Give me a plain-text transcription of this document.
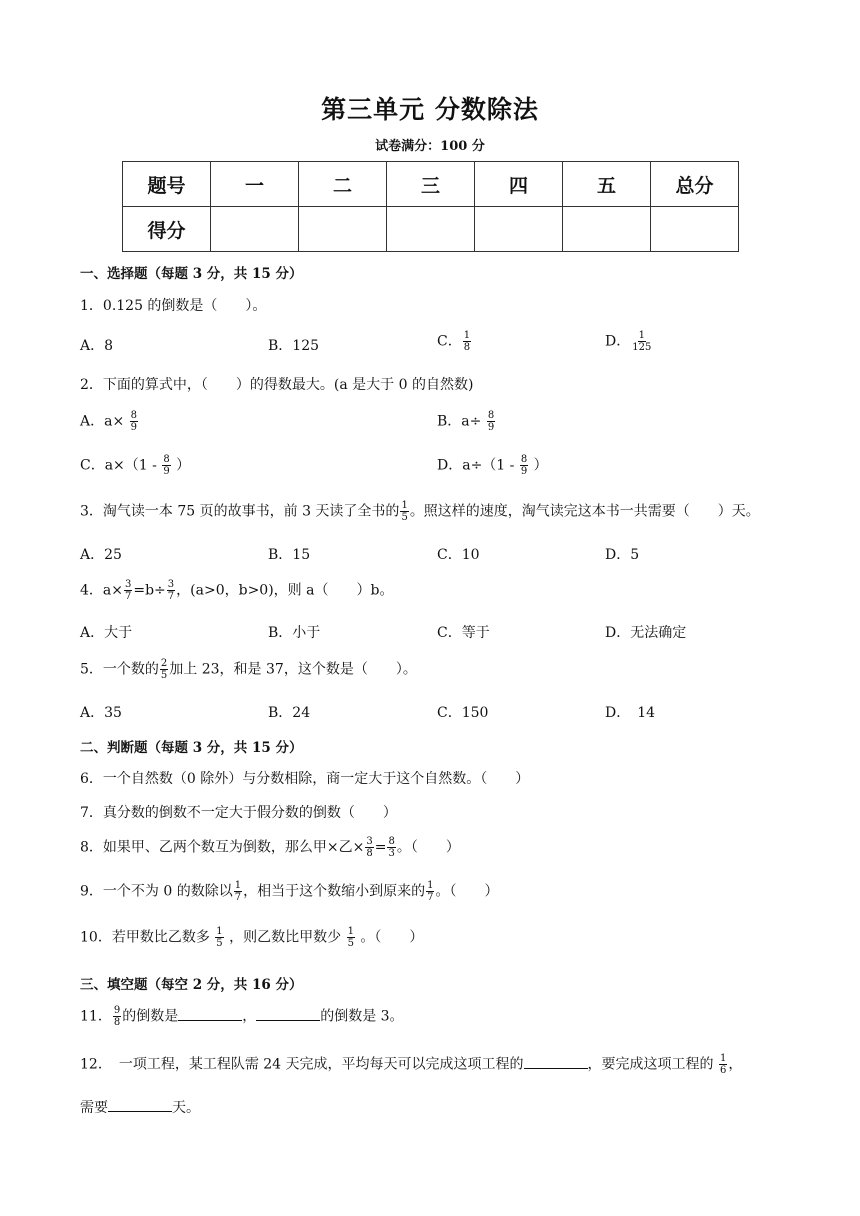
第三单元 分数除法
试卷满分：100 分
题号	一	二	三	四	五	总分
得分						
一、选择题（每题 3 分，共 15 分）
1．0.125 的倒数是（　　）。
A．8	B．125	C． $\frac{1}{8}$	D． $\frac{1}{125}$
2．下面的算式中，（　　）的得数最大。(a 是大于 0 的自然数)
A．$a\times \frac{8}{9}$	B．$a\div \frac{8}{9}$
C．$a\times(1 - \frac{8}{9}$ ）	D．$a\div(1 - \frac{8}{9}$ ）
3．淘气读一本 75 页的故事书，前 3 天读了全书的 $\frac{1}{5}$ 。照这样的速度，淘气读完这本书一共需要（　　）天。
A．25	B．15	C．10	D．5
4．$a\times \frac{3}{7} =b\div \frac{3}{7}$ ，(a>0，b>0)，则 a（　　）b。
A．大于	B．小于	C．等于	D．无法确定
5．一个数的 $\frac{2}{5}$ 加上 23，和是 37，这个数是（　　）。
A．35	B．24	C．150	D．　14
二、判断题（每题 3 分，共 15 分）
6．一个自然数（0 除外）与分数相除，商一定大于这个自然数。（　　）
7．真分数的倒数不一定大于假分数的倒数（　　）
8．如果甲、乙两个数互为倒数，那么甲×乙× $\frac{3}{8} = \frac{8}{3}$ 。（　　）
9．一个不为 0 的数除以 $\frac{1}{7}$ ，相当于这个数缩小到原来的 $\frac{1}{7}$ 。（　　）
10．若甲数比乙数多 $\frac{1}{5}$ ，则乙数比甲数少 $\frac{1}{5}$ 。（　　）
三、填空题（每空 2 分，共 16 分）
11． $\frac{9}{8}$ 的倒数是	，	的倒数是 3。
12．　一项工程，某工程队需 24 天完成，平均每天可以完成这项工程的	，要完成这项工程的 $\frac{1}{6}$ ，
需要	天。
